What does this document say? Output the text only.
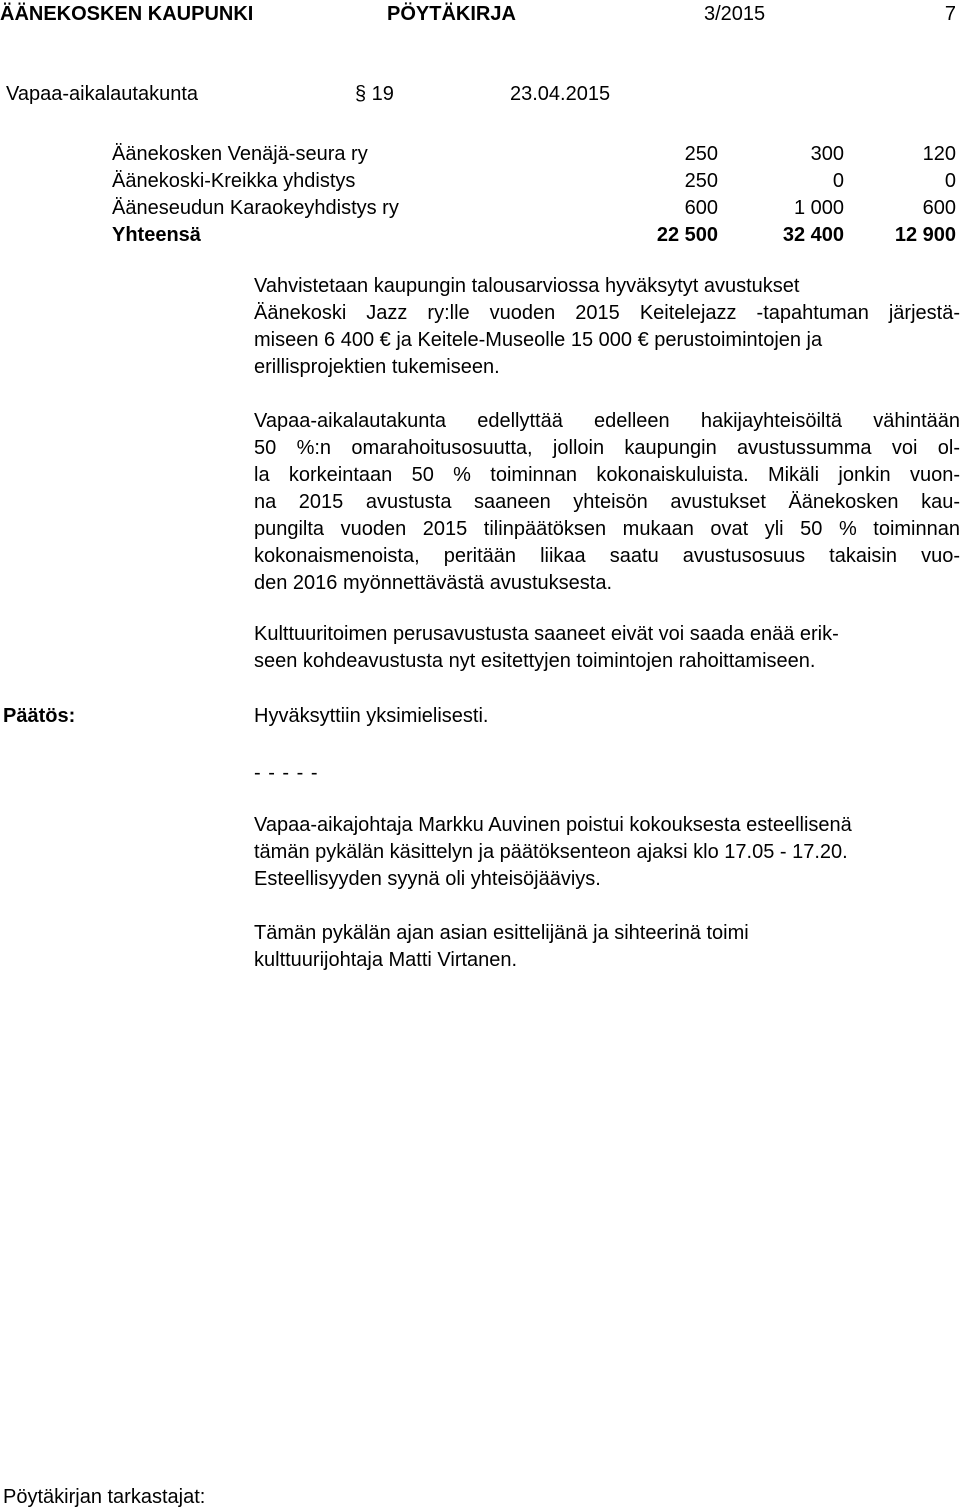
ÄÄNEKOSKEN KAUPUNKI	PÖYTÄKIRJA	3/2015	7
Vapaa-aikalautakunta	§ 19	23.04.2015
Äänekosken Venäjä-seura ry	250	300	120
Äänekoski-Kreikka yhdistys	250	0	0
Ääneseudun Karaokeyhdistys ry	600	1 000	600
Yhteensä	22 500	32 400	12 900
Vahvistetaan kaupungin talousarviossa hyväksytyt avustukset
Äänekoski Jazz ry:lle vuoden 2015 Keitelejazz -tapahtuman järjestä-
miseen 6 400 € ja Keitele-Museolle 15 000 € perustoimintojen ja
erillisprojektien tukemiseen.
Vapaa-aikalautakunta edellyttää edelleen hakijayhteisöiltä vähintään
50 %:n omarahoitusosuutta, jolloin kaupungin avustussumma voi ol-
la korkeintaan 50 % toiminnan kokonaiskuluista. Mikäli jonkin vuon-
na 2015 avustusta saaneen yhteisön avustukset Äänekosken kau-
pungilta vuoden 2015 tilinpäätöksen mukaan ovat yli 50 % toiminnan
kokonaismenoista, peritään liikaa saatu avustusosuus takaisin vuo-
den 2016 myönnettävästä avustuksesta.
Kulttuuritoimen perusavustusta saaneet eivät voi saada enää erik-
seen kohdeavustusta nyt esitettyjen toimintojen rahoittamiseen.
Päätös:	Hyväksyttiin yksimielisesti.
- - - - -
Vapaa-aikajohtaja Markku Auvinen poistui kokouksesta esteellisenä
tämän pykälän käsittelyn ja päätöksenteon ajaksi klo 17.05 - 17.20.
Esteellisyyden syynä oli yhteisöjääviys.
Tämän pykälän ajan asian esittelijänä ja sihteerinä toimi
kulttuurijohtaja Matti Virtanen.
Pöytäkirjan tarkastajat:
